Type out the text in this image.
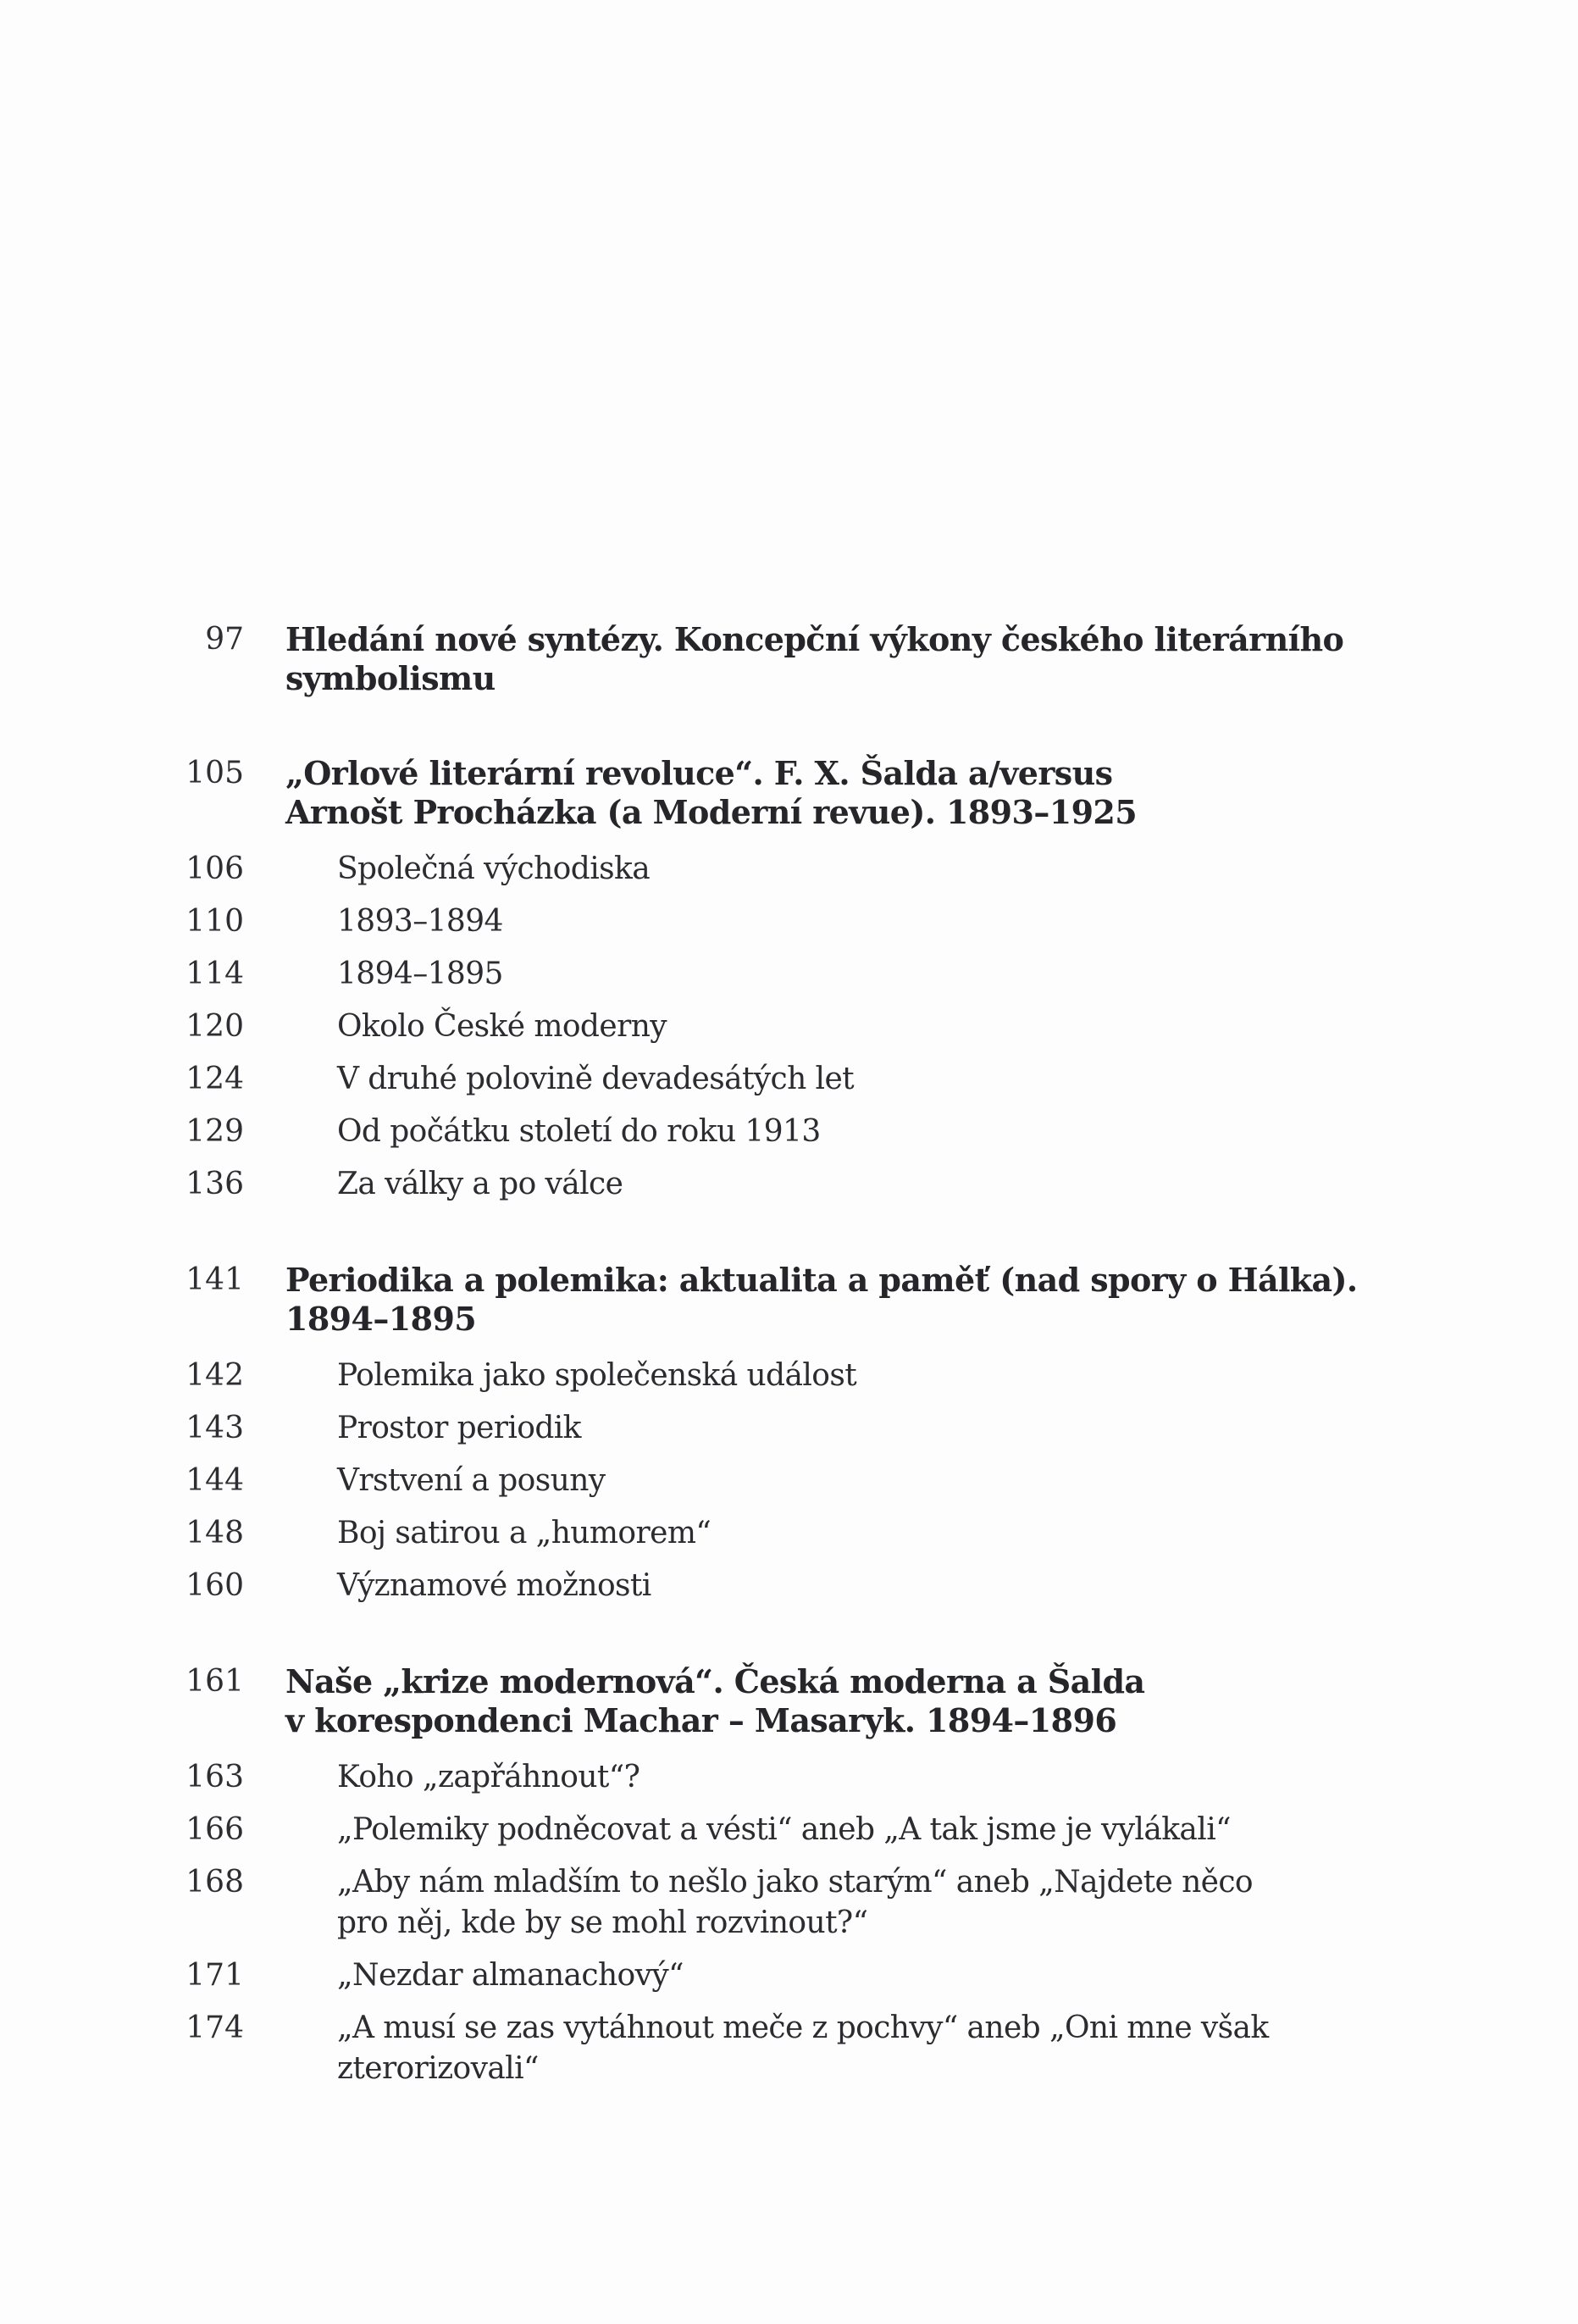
97 Hledání nové syntézy. Koncepční výkony českého literárního
symbolismu
105 „Orlové literární revoluce“. F. X. Šalda a/versus
Arnošt Procházka (a Moderní revue). 1893–1925
106	Společná východiska
110	1893–1894
114	1894–1895
120	Okolo České moderny
124	V druhé polovině devadesátých let
129	Od počátku století do roku 1913
136	Za války a po válce
141 Periodika a polemika: aktualita a paměť (nad spory o Hálka).
1894–1895
142	Polemika jako společenská událost
143	Prostor periodik
144	Vrstvení a posuny
148	Boj satirou a „humorem“
160	Významové možnosti
161 Naše „krize modernová“. Česká moderna a Šalda
v korespondenci Machar – Masaryk. 1894–1896
163	Koho „zapřáhnout“?
166	„Polemiky podněcovat a vésti“ aneb „A tak jsme je vylákali“
168	„Aby nám mladším to nešlo jako starým“ aneb „Najdete něco
pro něj, kde by se mohl rozvinout?“
171	„Nezdar almanachový“
174	„A musí se zas vytáhnout meče z pochvy“ aneb „Oni mne však
zterorizovali“
